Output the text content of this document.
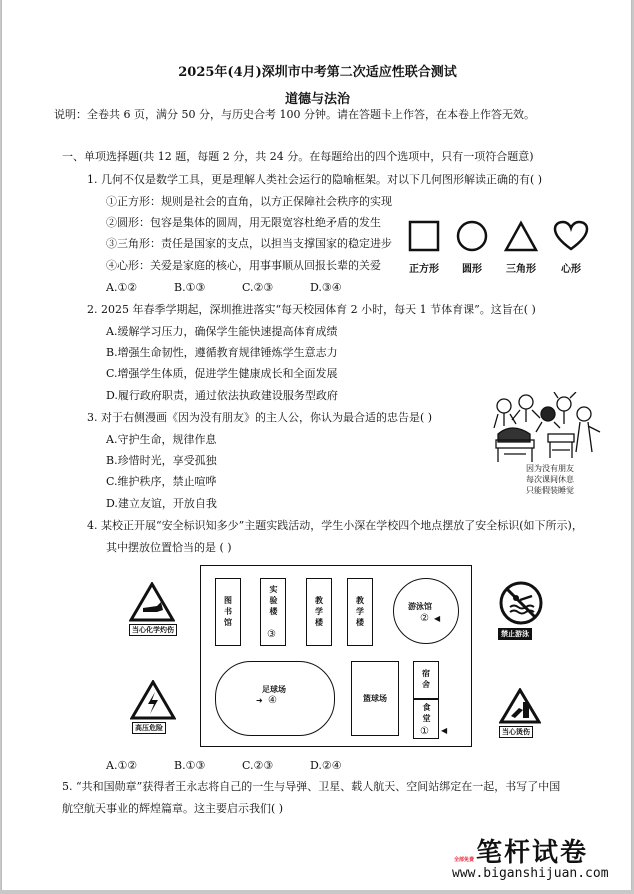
2025年(4月)深圳市中考第二次适应性联合测试
道德与法治
说明：全卷共 6 页，满分 50 分，与历史合考 100 分钟。请在答题卡上作答，在本卷上作答无效。
一、单项选择题(共 12 题，每题 2 分，共 24 分。在每题给出的四个选项中，只有一项符合题意)
1. 几何不仅是数学工具，更是理解人类社会运行的隐喻框架。对以下几何图形解读正确的有( )
①正方形：规则是社会的直角，以方正保障社会秩序的实现
②圆形：包容是集体的圆周，用无限宽容杜绝矛盾的发生
③三角形：责任是国家的支点，以担当支撑国家的稳定进步
④心形：关爱是家庭的核心，用事事顺从回报长辈的关爱
A.①②	B.①③	C.②③	D.③④
正方形	圆形	三角形	心形
2. 2025 年春季学期起，深圳推进落实“每天校园体育 2 小时，每天 1 节体育课”。这旨在( )
A.缓解学习压力，确保学生能快速提高体育成绩
B.增强生命韧性，遵循教育规律锤炼学生意志力
C.增强学生体质，促进学生健康成长和全面发展
D.履行政府职责，通过依法执政建设服务型政府
3. 对于右侧漫画《因为没有朋友》的主人公，你认为最合适的忠告是( )
A.守护生命，规律作息
B.珍惜时光，享受孤独
C.维护秩序，禁止喧哗
D.建立友谊，开放自我
因为没有朋友
每次课间休息
只能假装睡觉
4. 某校正开展“安全标识知多少”主题实践活动，学生小深在学校四个地点摆放了安全标识(如下所示)，
其中摆放位置恰当的是 ( )
当心化学灼伤
高压危险
禁止游泳
当心烫伤
图书馆	实验楼
③
教学楼	教学楼	游泳馆
② ◀
足球场
➜ ④	篮球场
宿舍
食堂
① ◀
A.①②	B.①③	C.②③	D.②④
5. “共和国勋章”获得者王永志将自己的一生与导弹、卫星、载人航天、空间站绑定在一起，书写了中国
航空航天事业的辉煌篇章。这主要启示我们( )
笔杆试卷
全部免费
www.biganshijuan.com
